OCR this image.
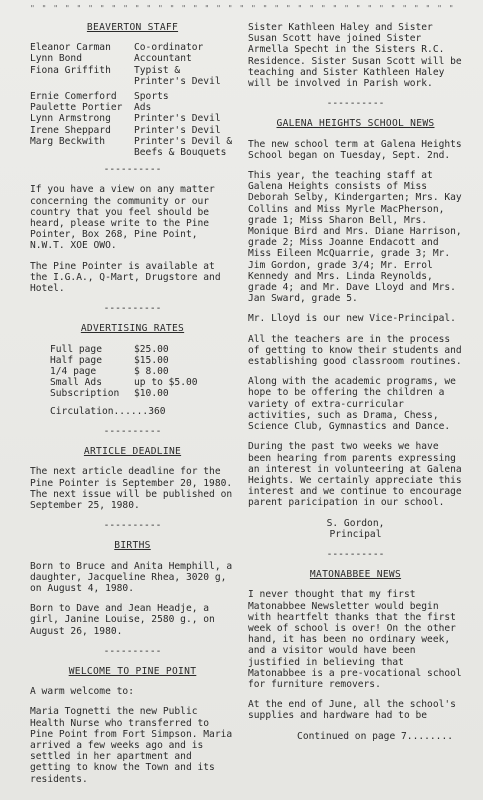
" " " " " " " " " " " " " " " " " " " " " " " " " " " " " " " " " " " " "
BEAVERTON STAFF
Eleanor Carman	Co-ordinator
Lynn Bond	Accountant
Fiona Griffith	Typist &
Printer's Devil
Ernie Comerford	Sports
Paulette Portier	Ads
Lynn Armstrong	Printer's Devil
Irene Sheppard	Printer's Devil
Marg Beckwith	Printer's Devil &
Beefs & Bouquets
----------

If you have a view on any matter concerning the community or our country that you feel should be heard, please write to the Pine Pointer, Box 268, Pine Point, N.W.T. XOE OWO.

The Pine Pointer is available at the I.G.A., Q-Mart, Drugstore and Hotel.

----------
ADVERTISING RATES
Full page	$25.00
Half page	$15.00
1/4 page	$ 8.00
Small Ads	up to $5.00
Subscription	$10.00

Circulation......360

----------
ARTICLE DEADLINE

The next article deadline for the Pine Pointer is September 20, 1980. The next issue will be published on September 25, 1980.

----------
BIRTHS

Born to Bruce and Anita Hemphill, a daughter, Jacqueline Rhea, 3020 g, on August 4, 1980.

Born to Dave and Jean Headje, a girl, Janine Louise, 2580 g., on August 26, 1980.

----------
WELCOME TO PINE POINT

A warm welcome to:

Maria Tognetti the new Public Health Nurse who transferred to Pine Point from Fort Simpson. Maria arrived a few weeks ago and is settled in her apartment and getting to know the Town and its residents.

Sister Kathleen Haley and Sister Susan Scott have joined Sister Armella Specht in the Sisters R.C. Residence. Sister Susan Scott will be teaching and Sister Kathleen Haley will be involved in Parish work.

----------
GALENA HEIGHTS SCHOOL NEWS

The new school term at Galena Heights School began on Tuesday, Sept. 2nd.

This year, the teaching staff at Galena Heights consists of Miss Deborah Selby, Kindergarten; Mrs. Kay Collins and Miss Myrle MacPherson, grade 1; Miss Sharon Bell, Mrs. Monique Bird and Mrs. Diane Harrison, grade 2; Miss Joanne Endacott and Miss Eileen McQuarrie, grade 3; Mr. Jim Gordon, grade 3/4; Mr. Errol Kennedy and Mrs. Linda Reynolds, grade 4; and Mr. Dave Lloyd and Mrs. Jan Sward, grade 5.

Mr. Lloyd is our new Vice-Principal.

All the teachers are in the process of getting to know their students and establishing good classroom routines.

Along with the academic programs, we hope to be offering the children a variety of extra-curricular activities, such as Drama, Chess, Science Club, Gymnastics and Dance.

During the past two weeks we have been hearing from parents expressing an interest in volunteering at Galena Heights. We certainly appreciate this interest and we continue to encourage parent paricipation in our school.

S. Gordon,

Principal

----------
MATONABBEE NEWS

I never thought that my first Matonabbee Newsletter would begin with heartfelt thanks that the first week of school is over! On the other hand, it has been no ordinary week, and a visitor would have been justified in believing that Matonabbee is a pre-vocational school for furniture removers.

At the end of June, all the school's supplies and hardware had to be

Continued on page 7........
